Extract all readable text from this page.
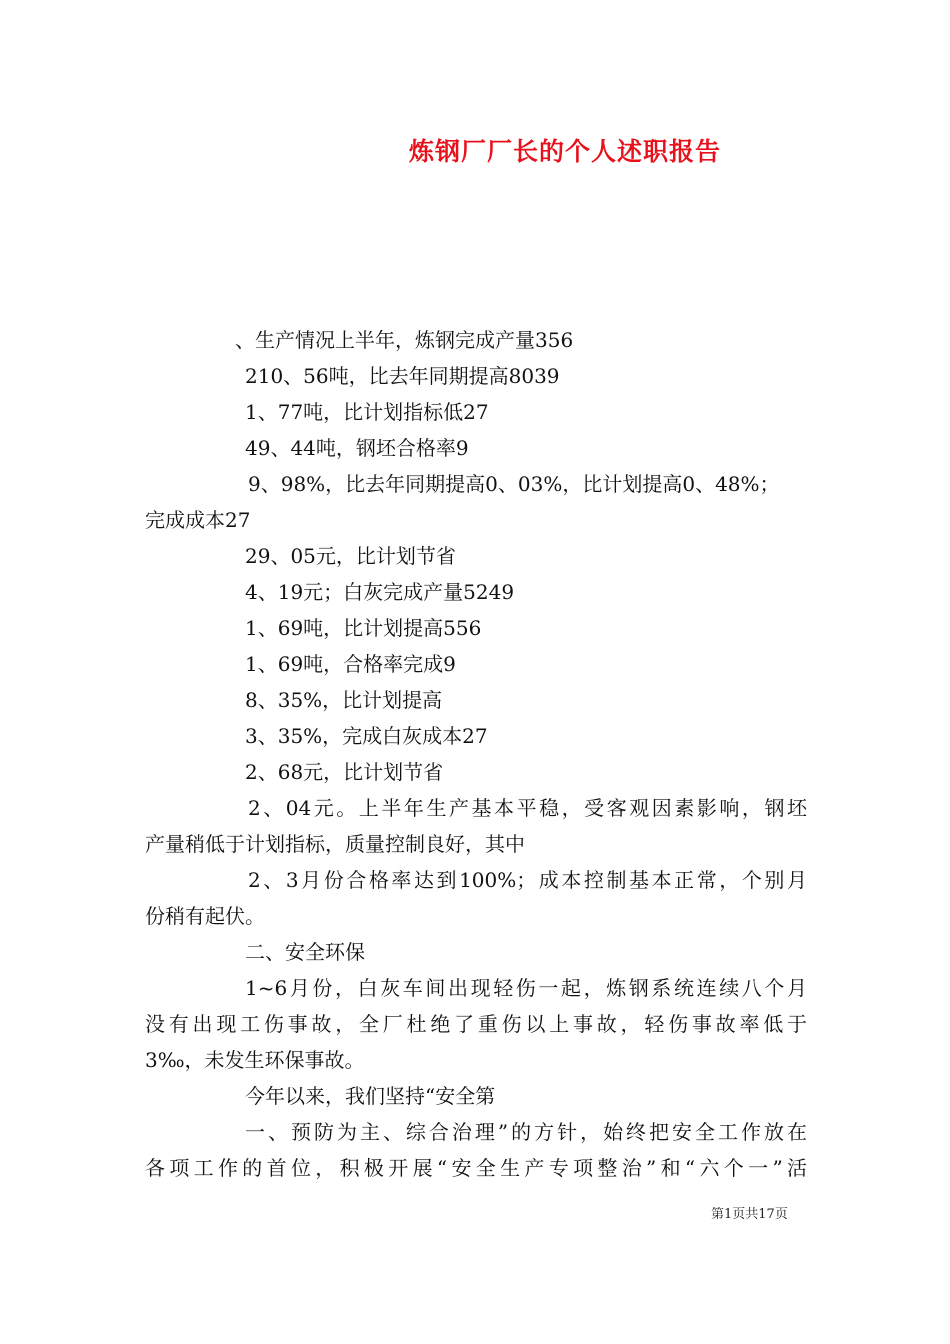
炼钢厂厂长的个人述职报告
、生产情况上半年，炼钢完成产量356
210、56吨，比去年同期提高8039
1、77吨，比计划指标低27
49、44吨，钢坯合格率9
9、98%，比去年同期提高0、03%，比计划提高0、48%；
完成成本27
29、05元，比计划节省
4、19元；白灰完成产量5249
1、69吨，比计划提高556
1、69吨，合格率完成9
8、35%，比计划提高
3、35%，完成白灰成本27
2、68元，比计划节省
2、04元。上半年生产基本平稳，受客观因素影响，钢坯
产量稍低于计划指标，质量控制良好，其中
2、3月份合格率达到100%；成本控制基本正常，个别月
份稍有起伏。
二、安全环保
1~6月份，白灰车间出现轻伤一起，炼钢系统连续八个月
没有出现工伤事故，全厂杜绝了重伤以上事故，轻伤事故率低于
3‰，未发生环保事故。
今年以来，我们坚持“安全第
一、预防为主、综合治理”的方针，始终把安全工作放在
各项工作的首位，积极开展“安全生产专项整治”和“六个一”活
第1页共17页
